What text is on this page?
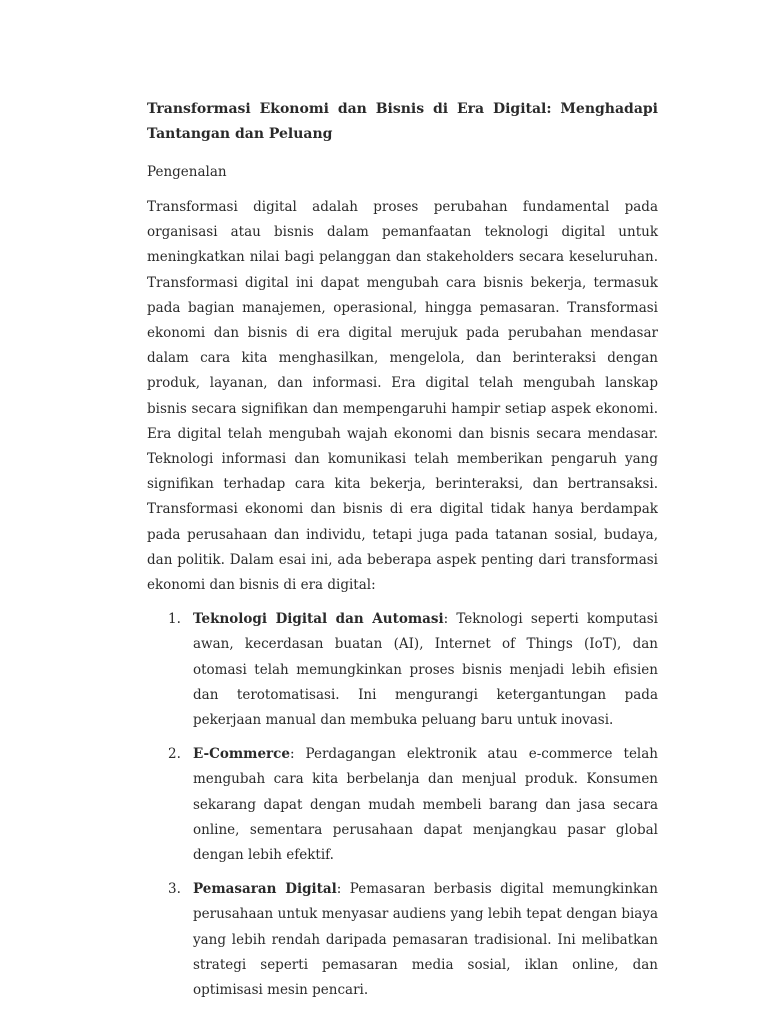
Transformasi Ekonomi dan Bisnis di Era Digital: Menghadapi Tantangan dan Peluang
Pengenalan
Transformasi digital adalah proses perubahan fundamental pada organisasi atau bisnis dalam pemanfaatan teknologi digital untuk meningkatkan nilai bagi pelanggan dan stakeholders secara keseluruhan. Transformasi digital ini dapat mengubah cara bisnis bekerja, termasuk pada bagian manajemen, operasional, hingga pemasaran. Transformasi ekonomi dan bisnis di era digital merujuk pada perubahan mendasar dalam cara kita menghasilkan, mengelola, dan berinteraksi dengan produk, layanan, dan informasi. Era digital telah mengubah lanskap bisnis secara signifikan dan mempengaruhi hampir setiap aspek ekonomi. Era digital telah mengubah wajah ekonomi dan bisnis secara mendasar. Teknologi informasi dan komunikasi telah memberikan pengaruh yang signifikan terhadap cara kita bekerja, berinteraksi, dan bertransaksi. Transformasi ekonomi dan bisnis di era digital tidak hanya berdampak pada perusahaan dan individu, tetapi juga pada tatanan sosial, budaya, dan politik. Dalam esai ini, ada beberapa aspek penting dari transformasi ekonomi dan bisnis di era digital:
1. Teknologi Digital dan Automasi: Teknologi seperti komputasi awan, kecerdasan buatan (AI), Internet of Things (IoT), dan otomasi telah memungkinkan proses bisnis menjadi lebih efisien dan terotomatisasi. Ini mengurangi ketergantungan pada pekerjaan manual dan membuka peluang baru untuk inovasi.
2. E-Commerce: Perdagangan elektronik atau e-commerce telah mengubah cara kita berbelanja dan menjual produk. Konsumen sekarang dapat dengan mudah membeli barang dan jasa secara online, sementara perusahaan dapat menjangkau pasar global dengan lebih efektif.
3. Pemasaran Digital: Pemasaran berbasis digital memungkinkan perusahaan untuk menyasar audiens yang lebih tepat dengan biaya yang lebih rendah daripada pemasaran tradisional. Ini melibatkan strategi seperti pemasaran media sosial, iklan online, dan optimisasi mesin pencari.
